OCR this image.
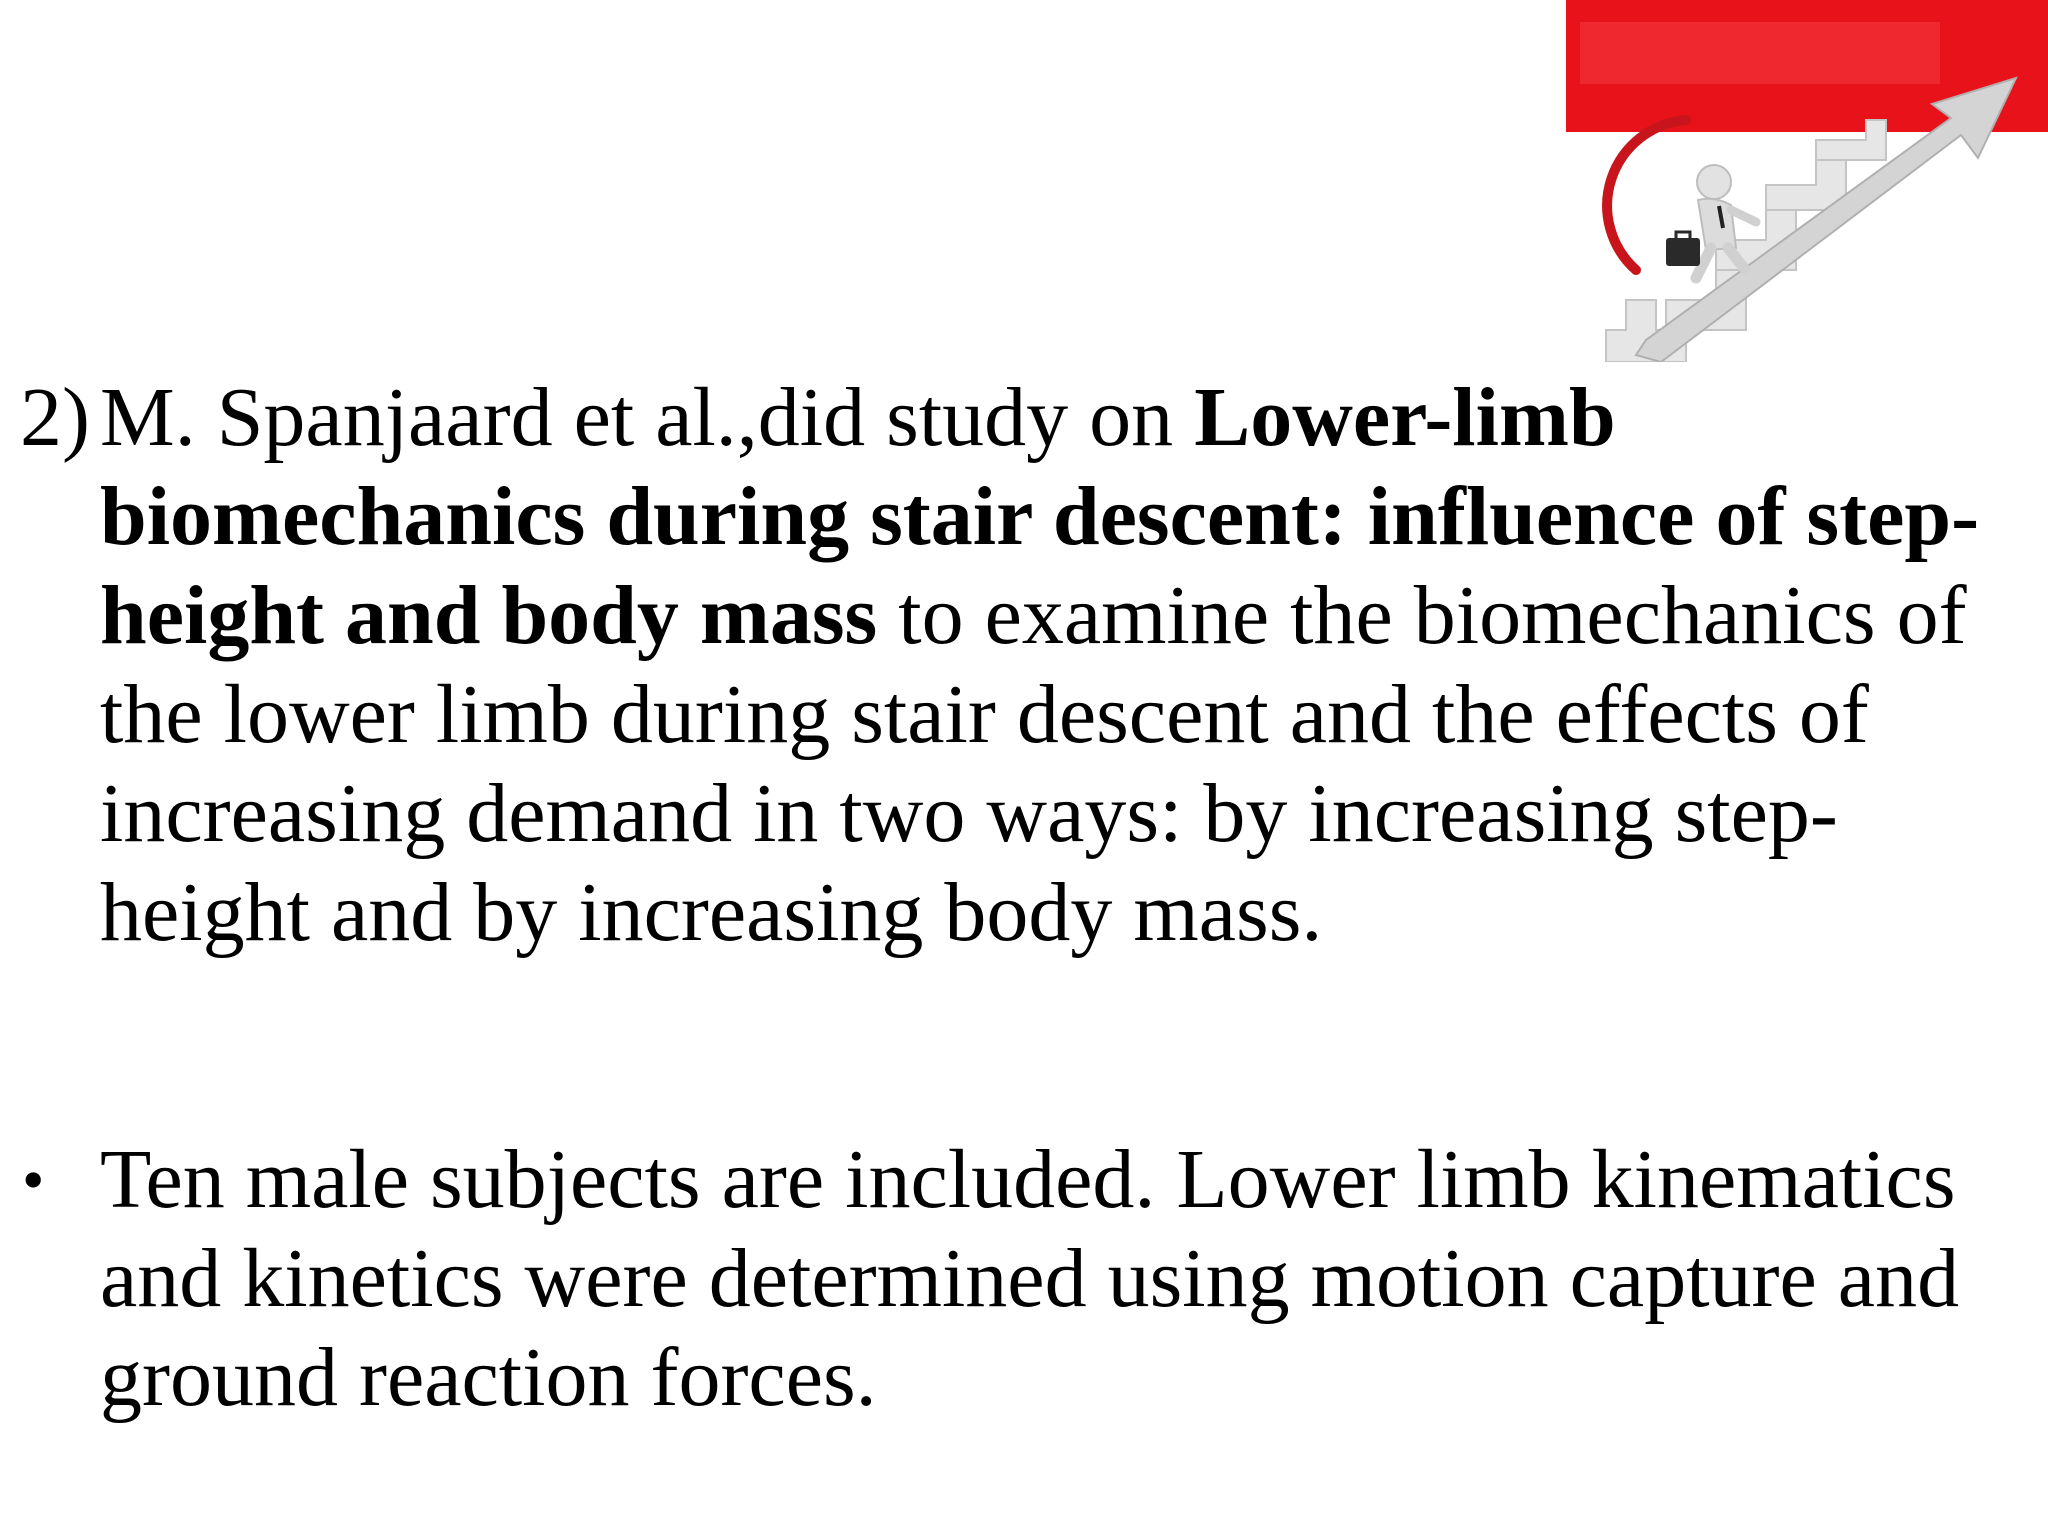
2) M. Spanjaard et al.,did study on Lower-limb biomechanics during stair descent: influence of step-height and body mass to examine the biomechanics of the lower limb during stair descent and the effects of increasing demand in two ways: by increasing step-height and by increasing body mass.

• Ten male subjects are included. Lower limb kinematics and kinetics were determined using motion capture and ground reaction forces.
